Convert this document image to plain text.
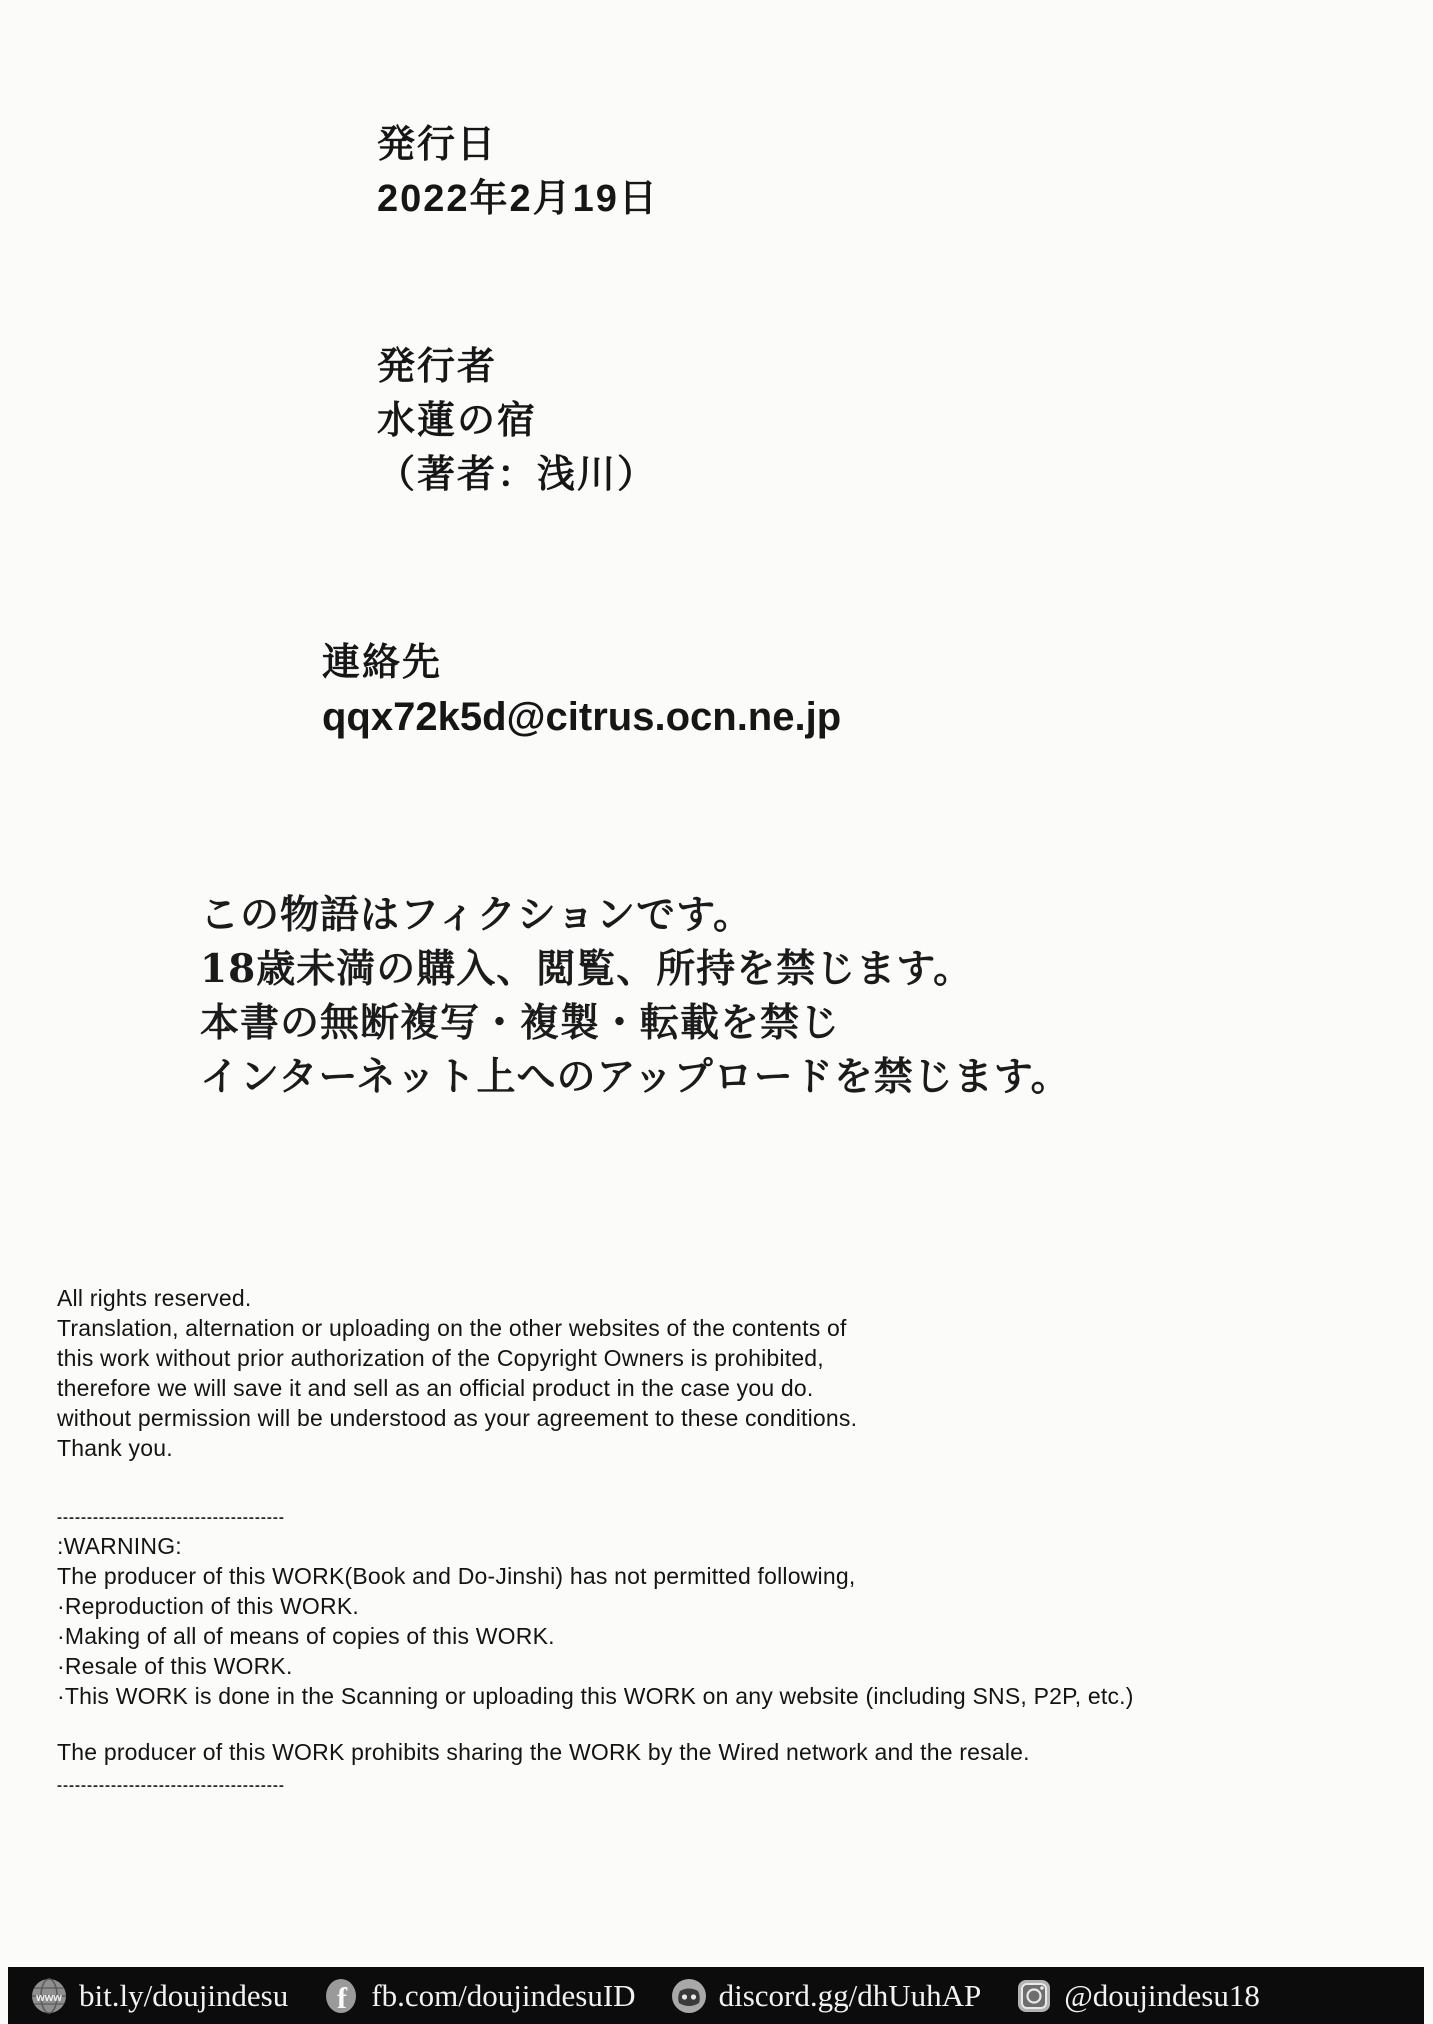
発行日
2022年2月19日
発行者
水蓮の宿
（著者：浅川）
連絡先
qqx72k5d@citrus.ocn.ne.jp
この物語はフィクションです。
18歳未満の購入、閲覧、所持を禁じます。
本書の無断複写・複製・転載を禁じ
インターネット上へのアップロードを禁じます。
All rights reserved.
Translation, alternation or uploading on the other websites of the contents of
this work without prior authorization of the Copyright Owners is prohibited,
therefore we will save it and sell as an official product in the case you do.
without permission will be understood as your agreement to these conditions.
Thank you.
--------------------------------------
:WARNING:
The producer of this WORK(Book and Do-Jinshi) has not permitted following,
·Reproduction of this WORK.
·Making of all of means of copies of this WORK.
·Resale of this WORK.
·This WORK is done in the Scanning or uploading this WORK on any website (including SNS, P2P, etc.)
The producer of this WORK prohibits sharing the WORK by the Wired network and the resale.
--------------------------------------
www bit.ly/doujindesu f fb.com/doujindesuID	discord.gg/dhUuhAP	@doujindesu18
